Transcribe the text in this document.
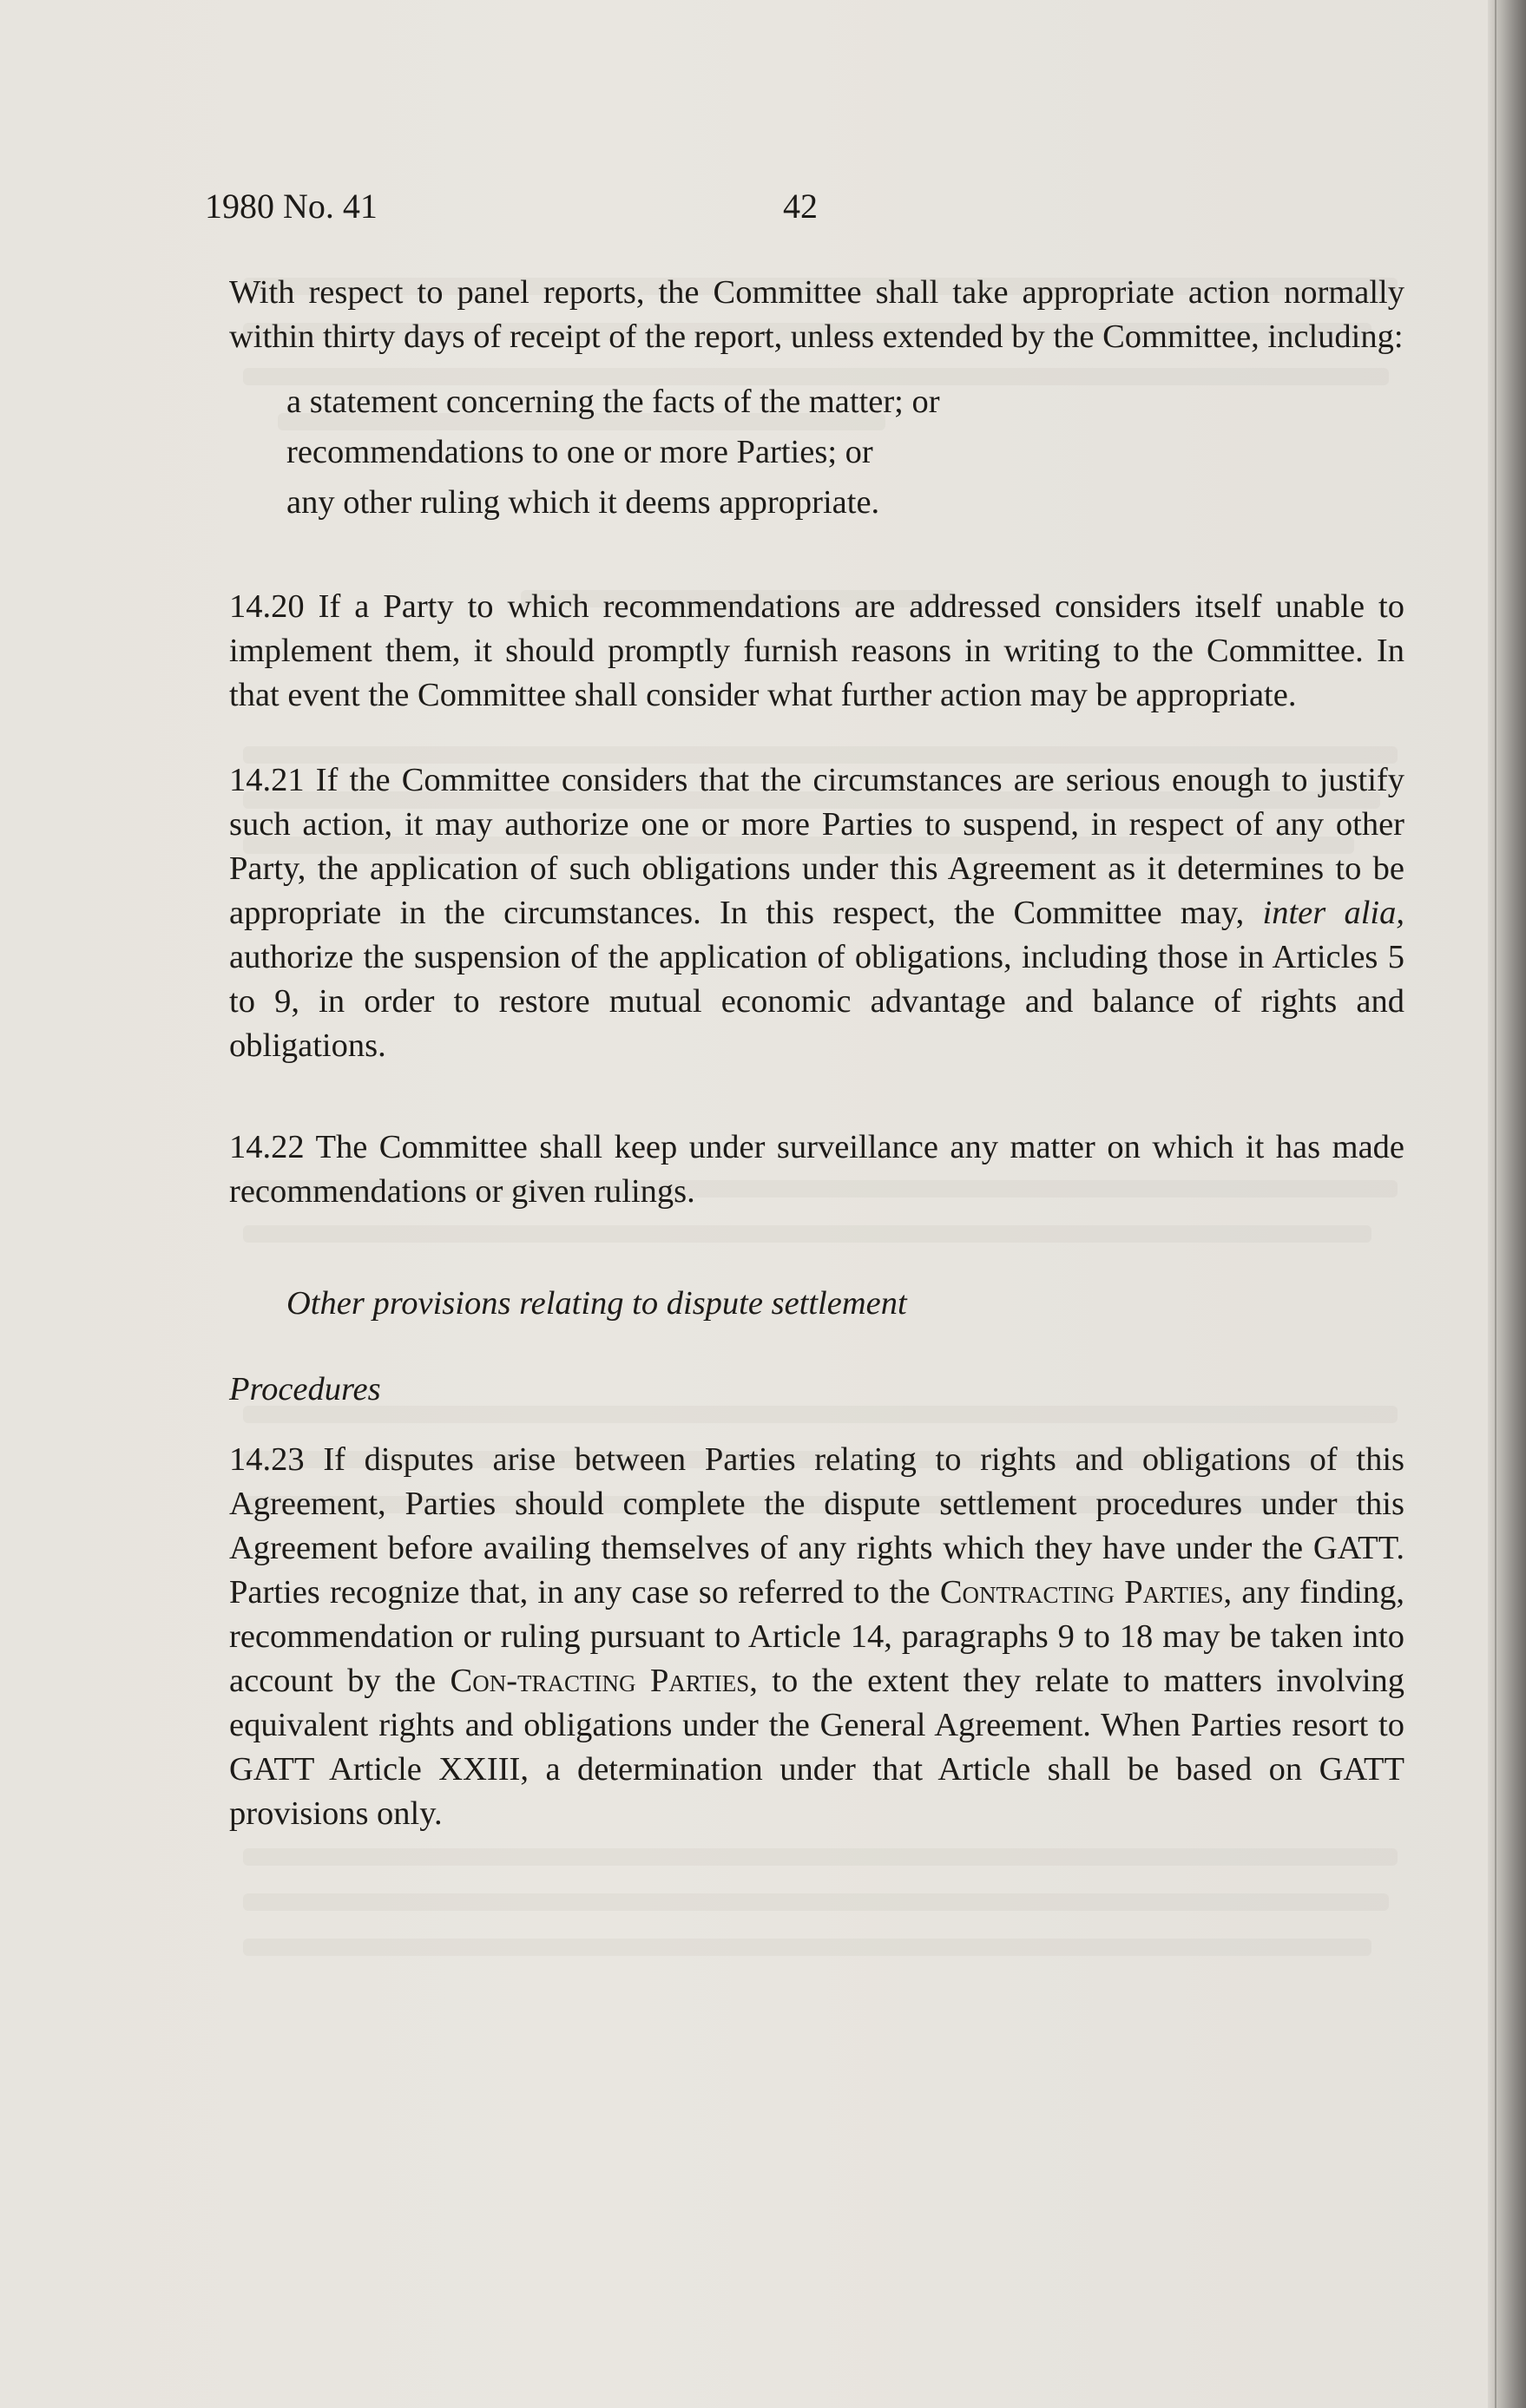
1980 No. 41	42

With respect to panel reports, the Committee shall take appropriate action normally within thirty days of receipt of the report, unless extended by the Committee, including:

a statement concerning the facts of the matter; or
recommendations to one or more Parties; or
any other ruling which it deems appropriate.

14.20 If a Party to which recommendations are addressed considers itself unable to implement them, it should promptly furnish reasons in writing to the Committee. In that event the Committee shall consider what further action may be appropriate.

14.21 If the Committee considers that the circumstances are serious enough to justify such action, it may authorize one or more Parties to suspend, in respect of any other Party, the application of such obligations under this Agreement as it determines to be appropriate in the circumstances. In this respect, the Committee may, inter alia, authorize the suspension of the application of obligations, including those in Articles 5 to 9, in order to restore mutual economic advantage and balance of rights and obligations.

14.22 The Committee shall keep under surveillance any matter on which it has made recommendations or given rulings.

Other provisions relating to dispute settlement

Procedures

14.23 If disputes arise between Parties relating to rights and obligations of this Agreement, Parties should complete the dispute settlement procedures under this Agreement before availing themselves of any rights which they have under the GATT. Parties recognize that, in any case so referred to the Contracting Parties, any finding, recommendation or ruling pursuant to Article 14, paragraphs 9 to 18 may be taken into account by the Con-tracting Parties, to the extent they relate to matters involving equivalent rights and obligations under the General Agreement. When Parties resort to GATT Article XXIII, a determination under that Article shall be based on GATT provisions only.
